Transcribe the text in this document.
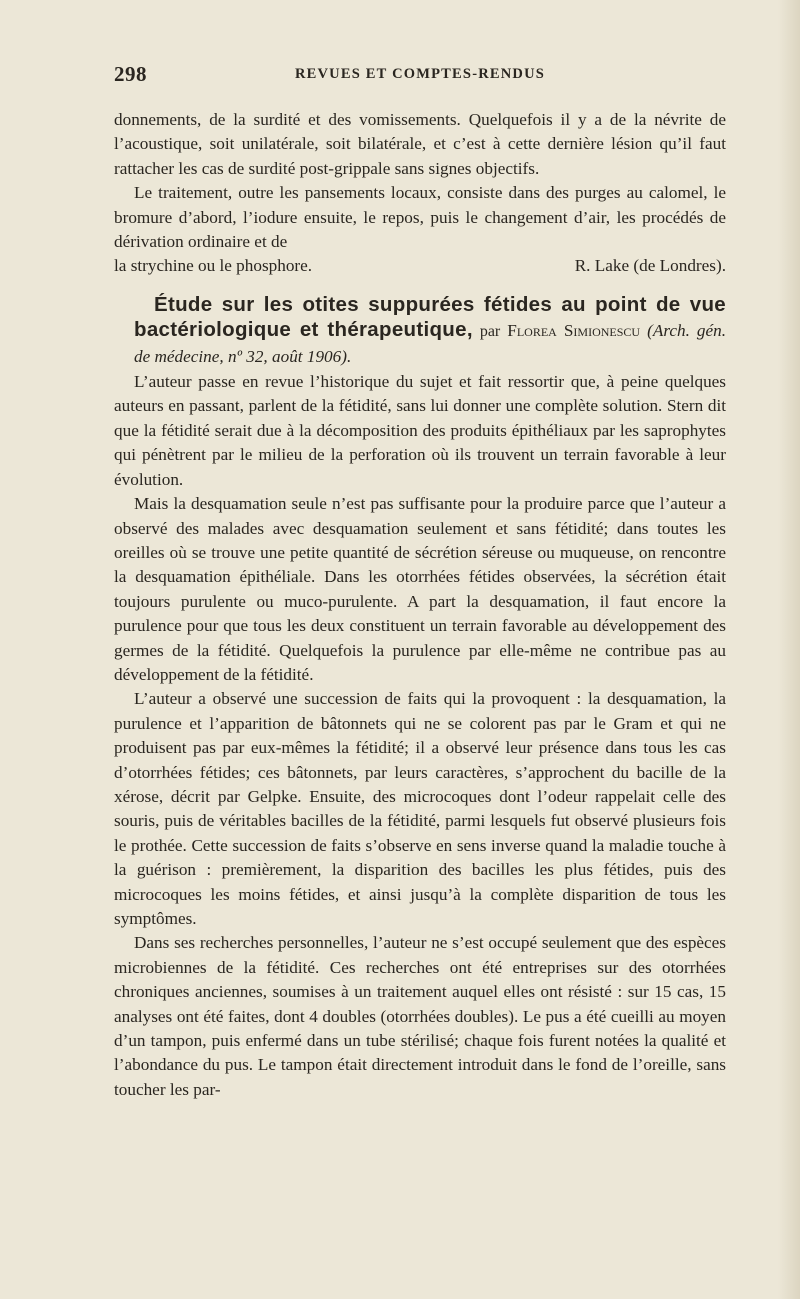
298	REVUES ET COMPTES-RENDUS

donnements, de la surdité et des vomissements. Quelquefois il y a de la névrite de l’acoustique, soit unilatérale, soit bilatérale, et c’est à cette dernière lésion qu’il faut rattacher les cas de surdité post-grippale sans signes objectifs.

Le traitement, outre les pansements locaux, consiste dans des purges au calomel, le bromure d’abord, l’iodure ensuite, le repos, puis le changement d’air, les procédés de dérivation ordinaire et de

la strychine ou le phosphore.	R. Lake (de Londres).

Étude sur les otites suppurées fétides au point de vue bactériologique et thérapeutique, par Florea Simionescu (Arch. gén. de médecine, nº 32, août 1906).

L’auteur passe en revue l’historique du sujet et fait ressortir que, à peine quelques auteurs en passant, parlent de la fétidité, sans lui donner une complète solution. Stern dit que la fétidité serait due à la décomposition des produits épithéliaux par les saprophytes qui pénètrent par le milieu de la perforation où ils trouvent un terrain favorable à leur évolution.

Mais la desquamation seule n’est pas suffisante pour la produire parce que l’auteur a observé des malades avec desquamation seulement et sans fétidité; dans toutes les oreilles où se trouve une petite quantité de sécrétion séreuse ou muqueuse, on rencontre la desquamation épithéliale. Dans les otorrhées fétides observées, la sécrétion était toujours purulente ou muco-purulente. A part la desquamation, il faut encore la purulence pour que tous les deux constituent un terrain favorable au développement des germes de la fétidité. Quelquefois la purulence par elle-même ne contribue pas au développement de la fétidité.

L’auteur a observé une succession de faits qui la provoquent : la desquamation, la purulence et l’apparition de bâtonnets qui ne se colorent pas par le Gram et qui ne produisent pas par eux-mêmes la fétidité; il a observé leur présence dans tous les cas d’otorrhées fétides; ces bâtonnets, par leurs caractères, s’approchent du bacille de la xérose, décrit par Gelpke. Ensuite, des microcoques dont l’odeur rappelait celle des souris, puis de véritables bacilles de la fétidité, parmi lesquels fut observé plusieurs fois le prothée. Cette succession de faits s’observe en sens inverse quand la maladie touche à la guérison : premièrement, la disparition des bacilles les plus fétides, puis des microcoques les moins fétides, et ainsi jusqu’à la complète disparition de tous les symptômes.

Dans ses recherches personnelles, l’auteur ne s’est occupé seulement que des espèces microbiennes de la fétidité. Ces recherches ont été entreprises sur des otorrhées chroniques anciennes, soumises à un traitement auquel elles ont résisté : sur 15 cas, 15 analyses ont été faites, dont 4 doubles (otorrhées doubles). Le pus a été cueilli au moyen d’un tampon, puis enfermé dans un tube stérilisé; chaque fois furent notées la qualité et l’abondance du pus. Le tampon était directement introduit dans le fond de l’oreille, sans toucher les par-
